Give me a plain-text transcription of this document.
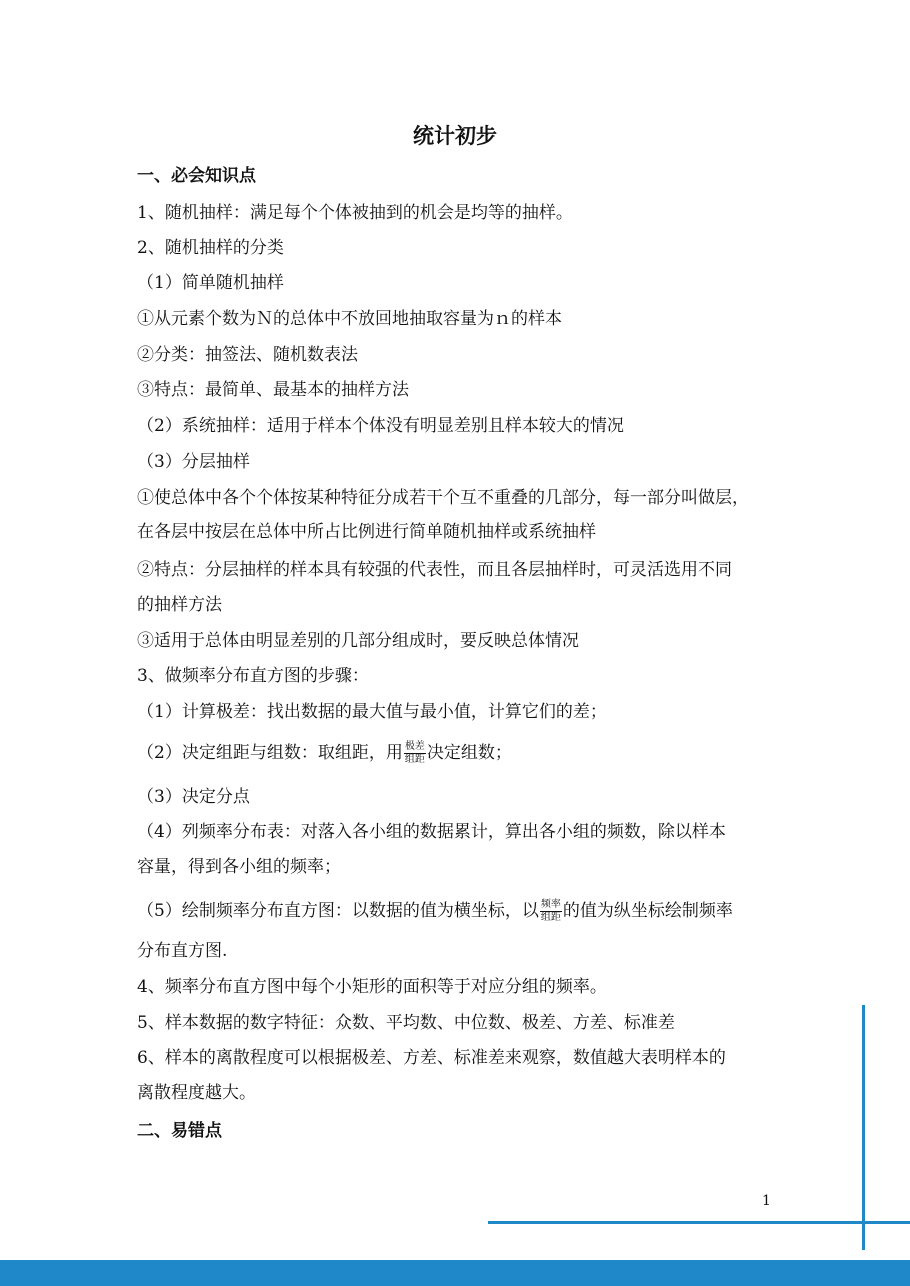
统计初步
一、必会知识点
1、随机抽样：满足每个个体被抽到的机会是均等的抽样。
2、随机抽样的分类
（1）简单随机抽样
①从元素个数为Ｎ的总体中不放回地抽取容量为ｎ的样本
②分类：抽签法、随机数表法
③特点：最简单、最基本的抽样方法
（2）系统抽样：适用于样本个体没有明显差别且样本较大的情况
（3）分层抽样
①使总体中各个个体按某种特征分成若干个互不重叠的几部分，每一部分叫做层，
在各层中按层在总体中所占比例进行简单随机抽样或系统抽样
②特点：分层抽样的样本具有较强的代表性，而且各层抽样时，可灵活选用不同
的抽样方法
③适用于总体由明显差别的几部分组成时，要反映总体情况
3、做频率分布直方图的步骤：
（1）计算极差：找出数据的最大值与最小值，计算它们的差；
（2）决定组距与组数：取组距，用 $\frac{\text{极差}}{\text{组距}}$ 决定组数；
（3）决定分点
（4）列频率分布表：对落入各小组的数据累计，算出各小组的频数，除以样本
容量，得到各小组的频率；
（5）绘制频率分布直方图：以数据的值为横坐标，以 $\frac{\text{频率}}{\text{组距}}$ 的值为纵坐标绘制频率
分布直方图.
4、频率分布直方图中每个小矩形的面积等于对应分组的频率。
5、样本数据的数字特征：众数、平均数、中位数、极差、方差、标准差
6、样本的离散程度可以根据极差、方差、标准差来观察，数值越大表明样本的
离散程度越大。
二、易错点
1
